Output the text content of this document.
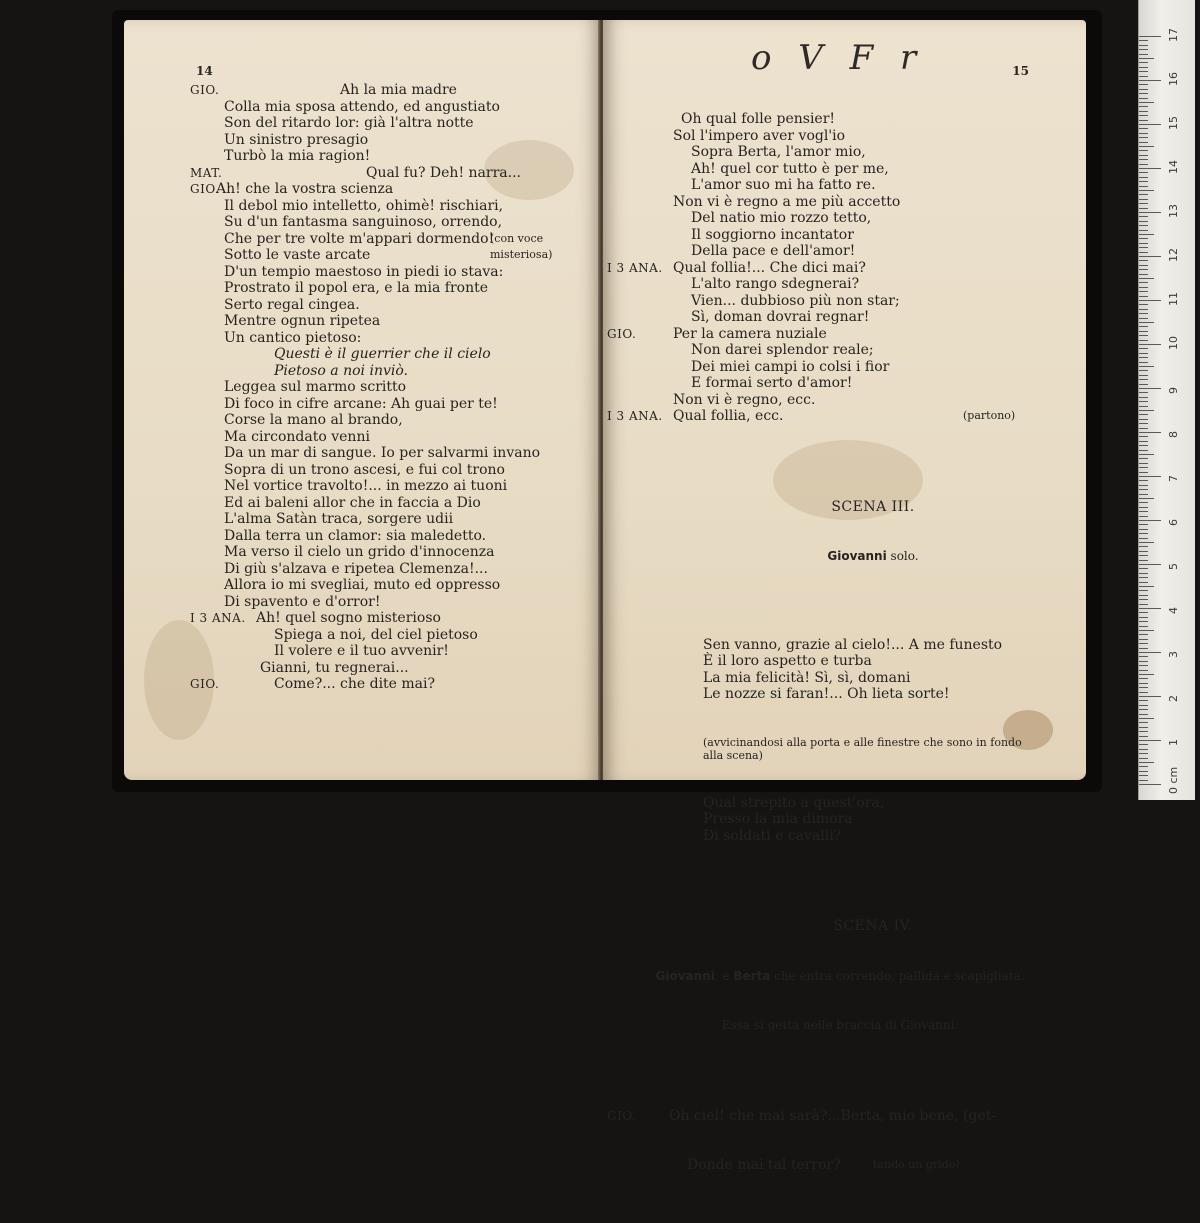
14
GIO.	Ah la mia madre
Colla mia sposa attendo, ed angustiato
Son del ritardo lor: già l'altra notte
Un sinistro presagio
Turbò la mia ragion!
MAT.	Qual fu? Deh! narra...
GIO.
Ah! che la vostra scienza
Il debol mio intelletto, ohimè! rischiari,
Su d'un fantasma sanguinoso, orrendo,
Che per tre volte m'appari dormendo!
(con voce
Sotto le vaste arcate	misteriosa)
D'un tempio maestoso in piedi io stava:
Prostrato il popol era, e la mia fronte
Serto regal cingea.
Mentre ognun ripetea
Un cantico pietoso:
Questi è il guerrier che il cielo
Pietoso a noi inviò.
Leggea sul marmo scritto
Di foco in cifre arcane: Ah guai per te!
Corse la mano al brando,
Ma circondato venni
Da un mar di sangue. Io per salvarmi invano
Sopra di un trono ascesi, e fui col trono
Nel vortice travolto!... in mezzo ai tuoni
Ed ai baleni allor che in faccia a Dio
L'alma Satàn traca, sorgere udii
Dalla terra un clamor: sia maledetto.
Ma verso il cielo un grido d'innocenza
Di giù s'alzava e ripetea Clemenza!...
Allora io mi svegliai, muto ed oppresso
Di spavento e d'orror!
I 3 ANA. Ah! quel sogno misterioso
Spiega a noi, del ciel pietoso
Il volere e il tuo avvenir!
Gianni, tu regnerai...
GIO.	Come?... che dite mai?
o V F r	15

Oh qual folle pensier!
Sol l'impero aver vogl'io
Sopra Berta, l'amor mio,
Ah! quel cor tutto è per me,
L'amor suo mi ha fatto re.
Non vi è regno a me più accetto
Del natio mio rozzo tetto,
Il soggiorno incantator
Della pace e dell'amor!
I 3 ANA. Qual follia!... Che dici mai?
L'alto rango sdegnerai?
Vien... dubbioso più non star;
Sì, doman dovrai regnar!
GIO.	Per la camera nuziale
Non darei splendor reale;
Dei miei campi io colsi i fior
E formai serto d'amor!
Non vi è regno, ecc.
I 3 ANA. Qual follia, ecc.	(partono)

SCENA III.

Giovanni solo.

Sen vanno, grazie al cielo!... A me funesto
È il loro aspetto e turba
La mia felicità! Sì, sì, domani
Le nozze si faran!... Oh lieta sorte!

(avvicinandosi alla porta e alle finestre che sono in fondo alla scena)

Qual strepito a quest'ora,
Presso la mia dimora
Di soldati e cavalli?

SCENA IV.

Giovanni, e Berta che entra correndo, pallida e scapigliata.

Essa si getta nelle braccia di Giovanni.

GIO.

Oh ciel! che mai sarà?...Berta, mio bene, (get-

Donde mai tal terror?

	tando un grido)

0 cm
1
2
3
4
5
6
7
8
9
10
11
12
13
14
15
16
17
